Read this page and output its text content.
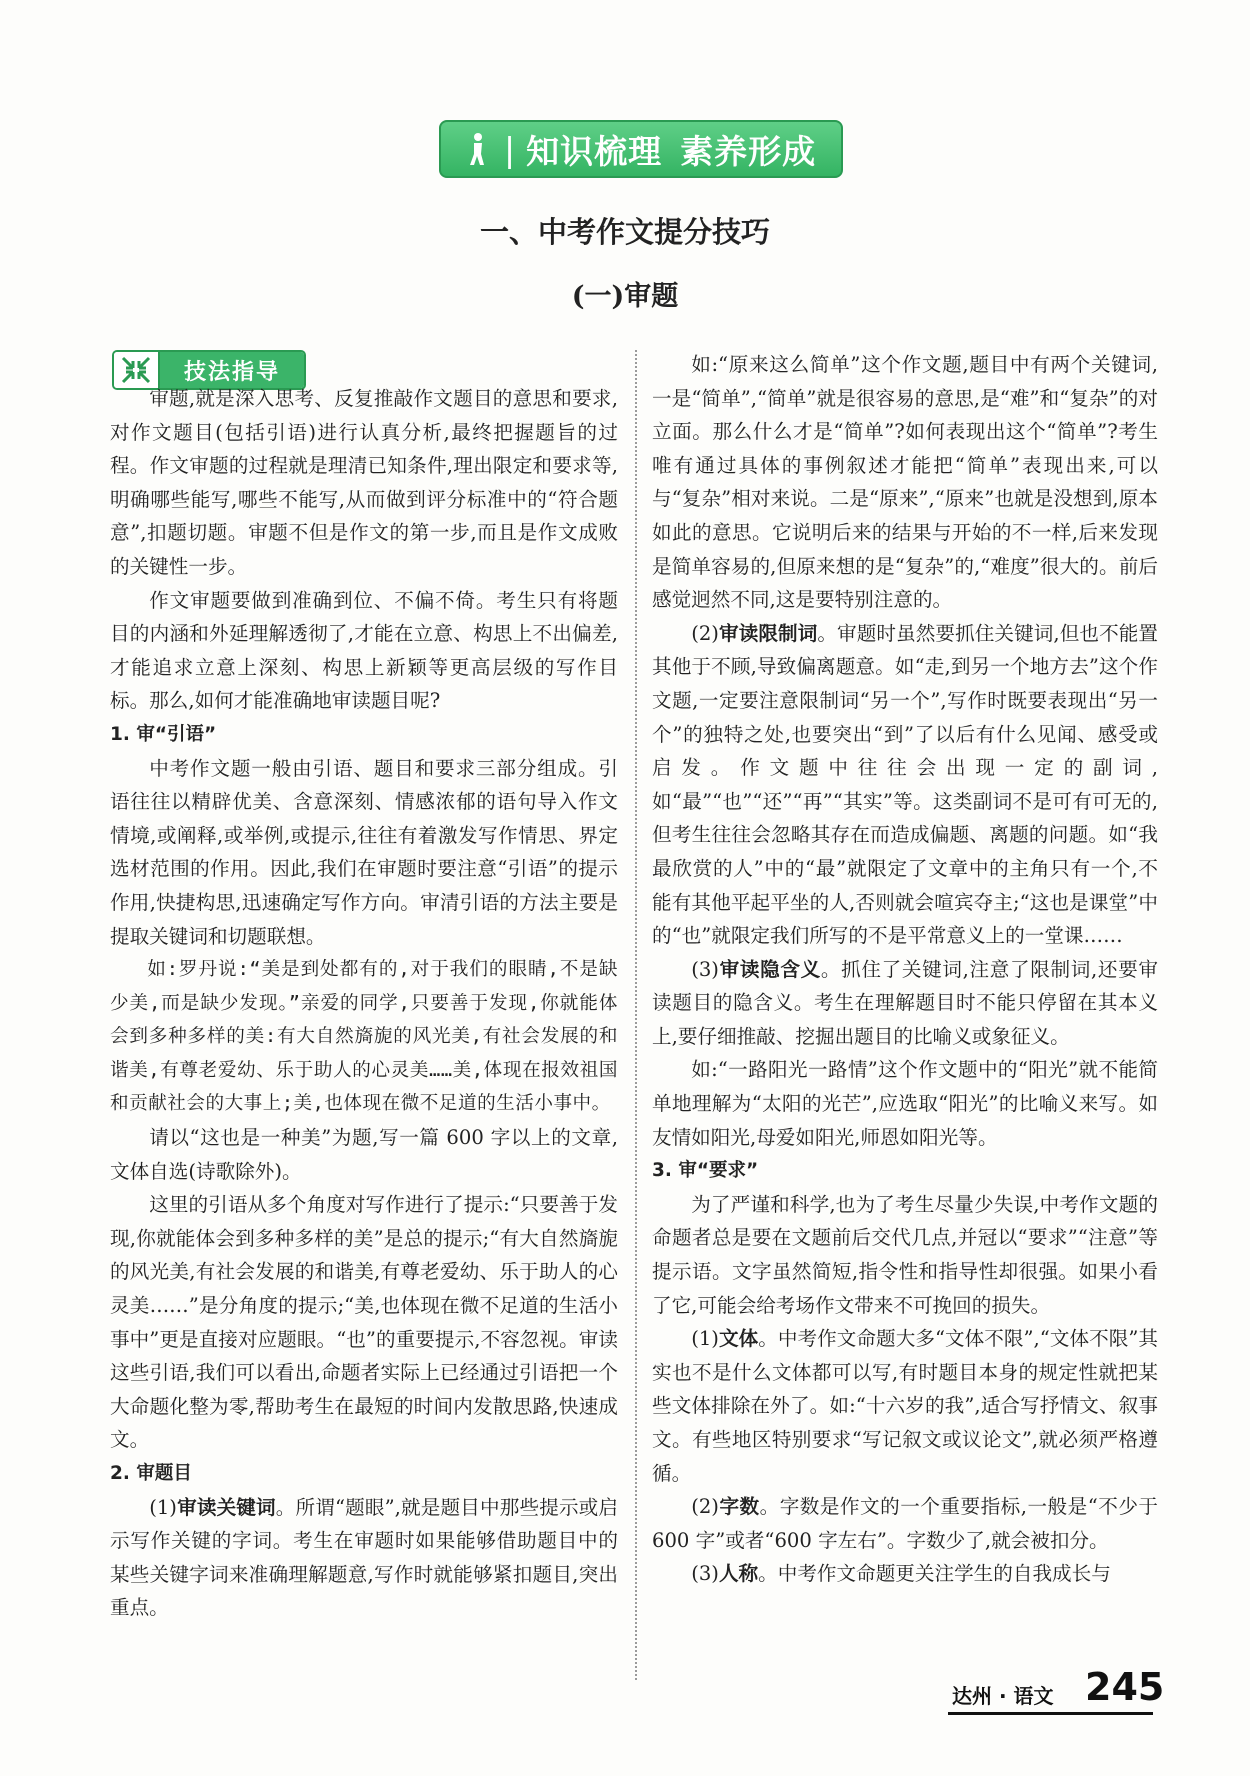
| 知识梳理 素养形成
一、中考作文提分技巧
(一)审题
技法指导

审题,就是深入思考、反复推敲作文题目的意思和要求,对作文题目(包括引语)进行认真分析,最终把握题旨的过程。作文审题的过程就是理清已知条件,理出限定和要求等,明确哪些能写,哪些不能写,从而做到评分标准中的“符合题意”,扣题切题。审题不但是作文的第一步,而且是作文成败的关键性一步。

作文审题要做到准确到位、不偏不倚。考生只有将题目的内涵和外延理解透彻了,才能在立意、构思上不出偏差,才能追求立意上深刻、构思上新颖等更高层级的写作目标。那么,如何才能准确地审读题目呢?

1. 审“引语”

中考作文题一般由引语、题目和要求三部分组成。引语往往以精辟优美、含意深刻、情感浓郁的语句导入作文情境,或阐释,或举例,或提示,往往有着激发写作情思、界定选材范围的作用。因此,我们在审题时要注意“引语”的提示作用,快捷构思,迅速确定写作方向。审清引语的方法主要是提取关键词和切题联想。

如:罗丹说:“美是到处都有的,对于我们的眼睛,不是缺少美,而是缺少发现。”亲爱的同学,只要善于发现,你就能体会到多种多样的美:有大自然旖旎的风光美,有社会发展的和谐美,有尊老爱幼、乐于助人的心灵美……美,体现在报效祖国和贡献社会的大事上;美,也体现在微不足道的生活小事中。

请以“这也是一种美”为题,写一篇 600 字以上的文章,文体自选(诗歌除外)。

这里的引语从多个角度对写作进行了提示:“只要善于发现,你就能体会到多种多样的美”是总的提示;“有大自然旖旎的风光美,有社会发展的和谐美,有尊老爱幼、乐于助人的心灵美……”是分角度的提示;“美,也体现在微不足道的生活小事中”更是直接对应题眼。“也”的重要提示,不容忽视。审读这些引语,我们可以看出,命题者实际上已经通过引语把一个大命题化整为零,帮助考生在最短的时间内发散思路,快速成文。

2. 审题目

(1)审读关键词。所谓“题眼”,就是题目中那些提示或启示写作关键的字词。考生在审题时如果能够借助题目中的某些关键字词来准确理解题意,写作时就能够紧扣题目,突出重点。

如:“原来这么简单”这个作文题,题目中有两个关键词,一是“简单”,“简单”就是很容易的意思,是“难”和“复杂”的对立面。那么什么才是“简单”?如何表现出这个“简单”?考生唯有通过具体的事例叙述才能把“简单”表现出来,可以与“复杂”相对来说。二是“原来”,“原来”也就是没想到,原本如此的意思。它说明后来的结果与开始的不一样,后来发现是简单容易的,但原来想的是“复杂”的,“难度”很大的。前后感觉迥然不同,这是要特别注意的。

(2)审读限制词。审题时虽然要抓住关键词,但也不能置其他于不顾,导致偏离题意。如“走,到另一个地方去”这个作文题,一定要注意限制词“另一个”,写作时既要表现出“另一个”的独特之处,也要突出“到”了以后有什么见闻、感受或启发。作文题中往往会出现一定的副词,如“最”“也”“还”“再”“其实”等。这类副词不是可有可无的,但考生往往会忽略其存在而造成偏题、离题的问题。如“我最欣赏的人”中的“最”就限定了文章中的主角只有一个,不能有其他平起平坐的人,否则就会喧宾夺主;“这也是课堂”中的“也”就限定我们所写的不是平常意义上的一堂课……

(3)审读隐含义。抓住了关键词,注意了限制词,还要审读题目的隐含义。考生在理解题目时不能只停留在其本义上,要仔细推敲、挖掘出题目的比喻义或象征义。

如:“一路阳光一路情”这个作文题中的“阳光”就不能简单地理解为“太阳的光芒”,应选取“阳光”的比喻义来写。如友情如阳光,母爱如阳光,师恩如阳光等。

3. 审“要求”

为了严谨和科学,也为了考生尽量少失误,中考作文题的命题者总是要在文题前后交代几点,并冠以“要求”“注意”等提示语。文字虽然简短,指令性和指导性却很强。如果小看了它,可能会给考场作文带来不可挽回的损失。

(1)文体。中考作文命题大多“文体不限”,“文体不限”其实也不是什么文体都可以写,有时题目本身的规定性就把某些文体排除在外了。如:“十六岁的我”,适合写抒情文、叙事文。有些地区特别要求“写记叙文或议论文”,就必须严格遵循。

(2)字数。字数是作文的一个重要指标,一般是“不少于 600 字”或者“600 字左右”。字数少了,就会被扣分。

(3)人称。中考作文命题更关注学生的自我成长与

达州 · 语文 245
